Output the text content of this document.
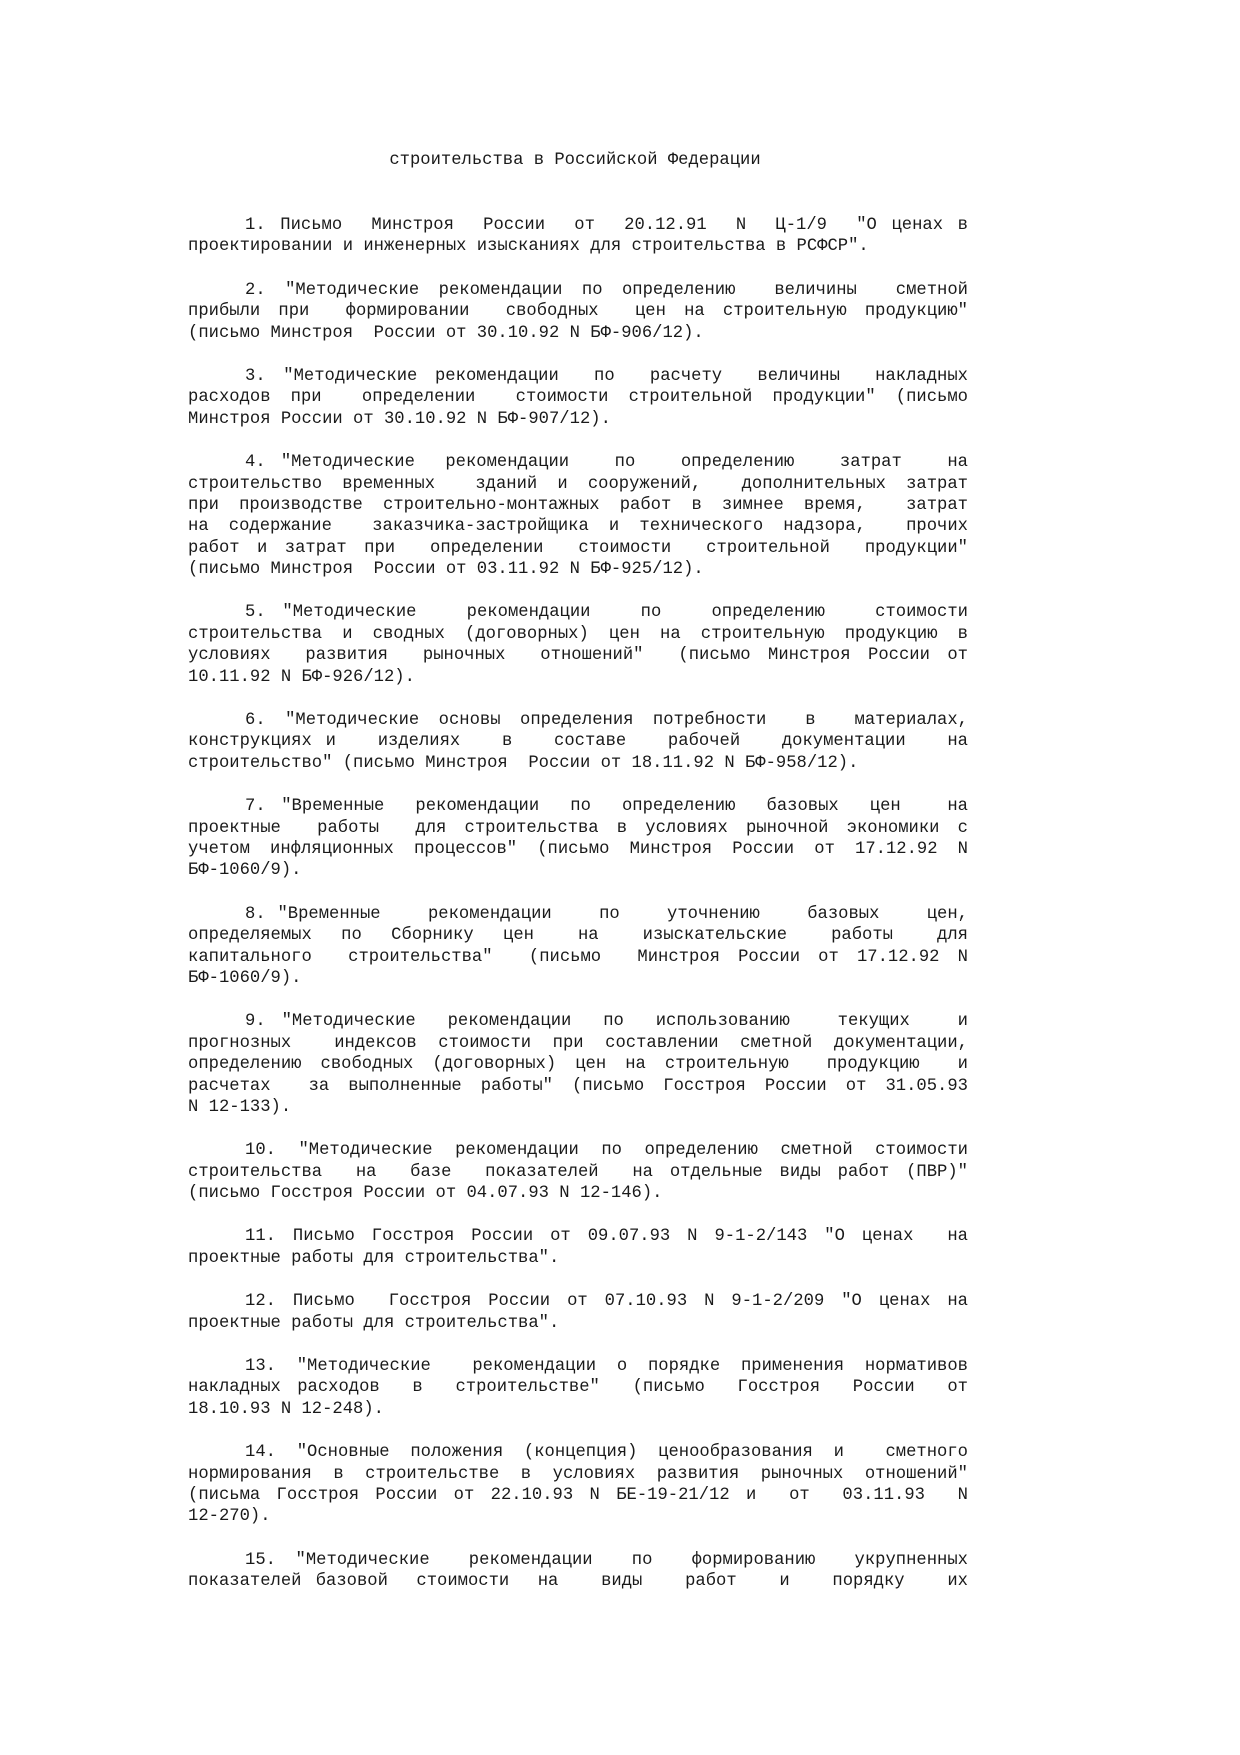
строительства в Российской Федерации
1. Письмо  Минстроя  России  от  20.12.91  N  Ц-1/9  "О ценах в
проектировании и инженерных изысканиях для строительства в РСФСР".
2. "Методические рекомендации по определению  величины  сметной
прибыли при  формировании  свободных  цен на строительную продукцию"
(письмо Минстроя  России от 30.10.92 N БФ-906/12).
3. "Методические рекомендации  по  расчету  величины  накладных
расходов при  определении  стоимости строительной продукции" (письмо
Минстроя России от 30.10.92 N БФ-907/12).
4. "Методические  рекомендации   по   определению   затрат   на
строительство временных  зданий и сооружений,  дополнительных затрат
при производстве строительно-монтажных работ в зимнее время,  затрат
на содержание  заказчика-застройщика и технического надзора,  прочих
работ и затрат при  определении  стоимости  строительной  продукции"
(письмо Минстроя  России от 03.11.92 N БФ-925/12).
5. "Методические   рекомендации   по   определению   стоимости
строительства и сводных (договорных) цен на строительную продукцию в
условиях  развития  рыночных  отношений"  (письмо Минстроя России от
10.11.92 N БФ-926/12).
6. "Методические основы определения потребности  в  материалах,
конструкциях и   изделиях   в   составе   рабочей   документации   на
строительство" (письмо Минстроя  России от 18.11.92 N БФ-958/12).
7. "Временные  рекомендации  по  определению  базовых  цен   на
проектные  работы  для строительства в условиях рыночной экономики с
учетом инфляционных процессов" (письмо Минстроя России от 17.12.92 N
БФ-1060/9).
8. "Временные    рекомендации    по    уточнению    базовых    цен,
определяемых  по  Сборнику  цен   на   изыскательские   работы   для
капитального  строительства"  (письмо  Минстроя России от 17.12.92 N
БФ-1060/9).
9. "Методические  рекомендации  по  использованию   текущих   и
прогнозных  индексов стоимости при составлении сметной документации,
определению свободных (договорных) цен на строительную  продукцию  и
расчетах  за выполненные работы" (письмо Госстроя России от 31.05.93
N 12-133).
10. "Методические рекомендации по определению сметной стоимости
строительства  на  базе  показателей  на отдельные виды работ (ПВР)"
(письмо Госстроя России от 04.07.93 N 12-146).
11. Письмо Госстроя России от 09.07.93 N 9-1-2/143 "О ценах  на
проектные работы для строительства".
12. Письмо  Госстроя России от 07.10.93 N 9-1-2/209 "О ценах на
проектные работы для строительства".
13. "Методические  рекомендации о порядке применения нормативов
накладных расходов  в  строительстве"  (письмо  Госстроя  России  от
18.10.93 N 12-248).
14. "Основные положения (концепция) ценообразования и  сметного
нормирования в строительстве в условиях развития рыночных отношений"
(письма Госстроя России от 22.10.93 N БЕ-19-21/12 и  от  03.11.93  N
12-270).
15. "Методические  рекомендации  по  формированию  укрупненных
показателей базовой  стоимости  на   виды   работ   и   порядку   их
